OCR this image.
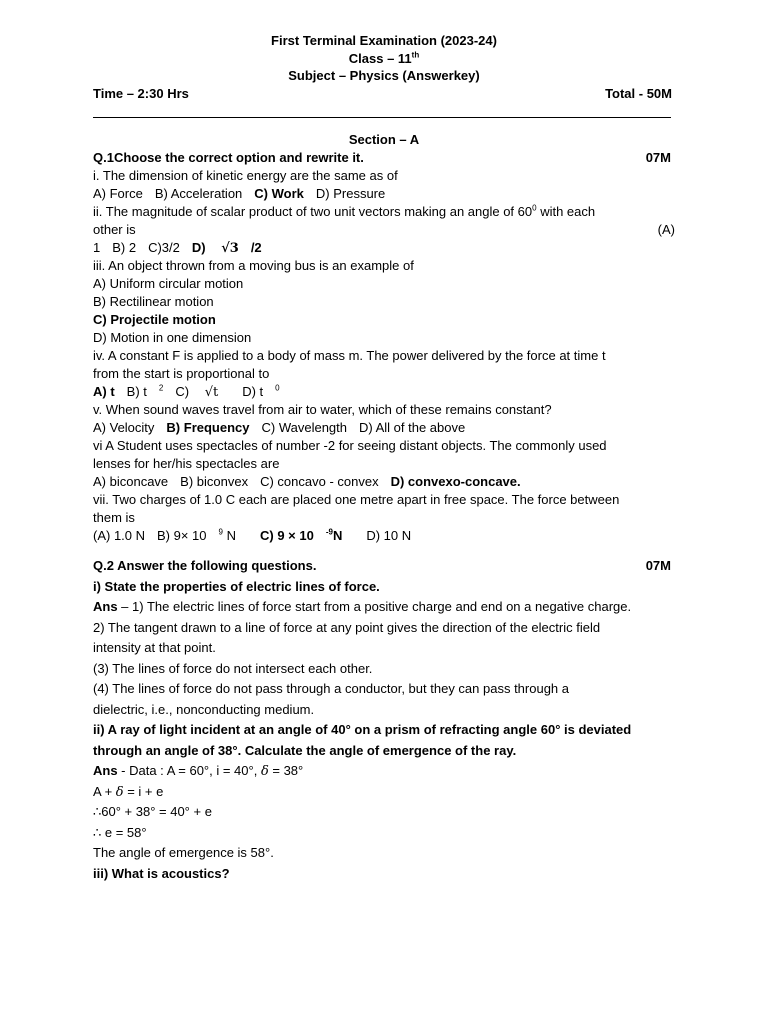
First Terminal Examination (2023-24)
Class – 11th
Subject – Physics (Answerkey)
Time – 2:30 Hrs	Total - 50M
Section – A
Q.1Choose the correct option and rewrite it.	07M
i. The dimension of kinetic energy are the same as of
A) Force B) Acceleration C) Work D) Pressure
ii. The magnitude of scalar product of two unit vectors making an angle of $60^0$ with each
other is	(A)
1 B) 2 C)3/2 D) √3 /2
iii. An object thrown from a moving bus is an example of
A) Uniform circular motion
B) Rectilinear motion
C) Projectile motion
D) Motion in one dimension
iv. A constant F is applied to a body of mass m. The power delivered by the force at time t
from the start is proportional to
A) t B) t $^2$ C) √t D) t $^0$
v. When sound waves travel from air to water, which of these remains constant?
A) Velocity B) Frequency C) Wavelength D) All of the above
vi A Student uses spectacles of number -2 for seeing distant objects. The commonly used
lenses for her/his spectacles are
A) biconcave B) biconvex C) concavo - convex D) convexo-concave.
vii. Two charges of 1.0 C each are placed one metre apart in free space. The force between
them is
(A) 1.0 N B) 9× 10 $^9$ N C) 9 × 10 $^{-9}$N D) 10 N
Q.2 Answer the following questions.	07M
i) State the properties of electric lines of force.
Ans – 1) The electric lines of force start from a positive charge and end on a negative charge.
2) The tangent drawn to a line of force at any point gives the direction of the electric field
intensity at that point.
(3) The lines of force do not intersect each other.
(4) The lines of force do not pass through a conductor, but they can pass through a
dielectric, i.e., nonconducting medium.
ii) A ray of light incident at an angle of 40° on a prism of refracting angle 60° is deviated
through an angle of 38°. Calculate the angle of emergence of the ray.
Ans - Data : A = 60°, i = 40°, δ = 38°
A + δ = i + e
∴60° + 38° = 40° + e
∴ e = 58°
The angle of emergence is 58°.
iii) What is acoustics?
